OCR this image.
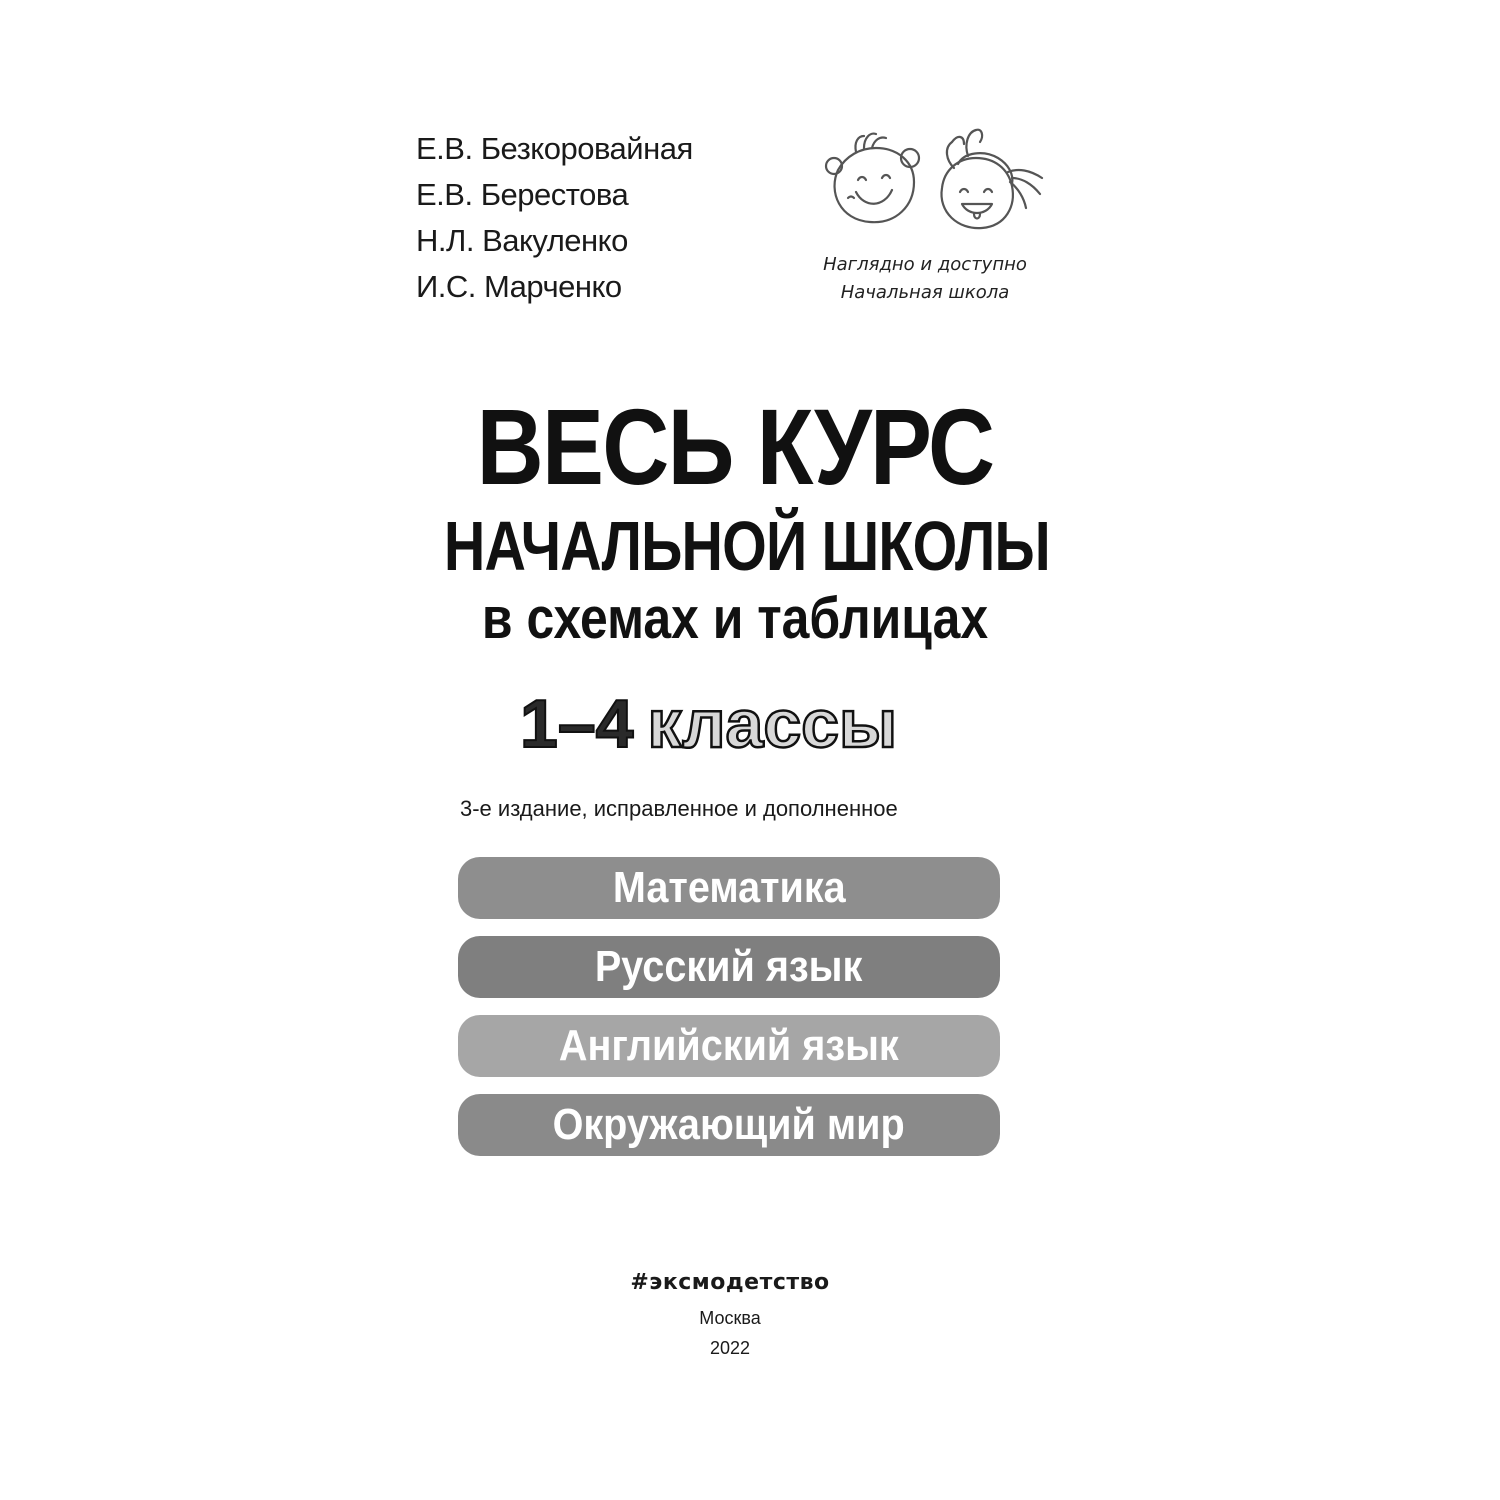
Е.В. Безкоровайная
Е.В. Берестова
Н.Л. Вакуленко
И.С. Марченко
Наглядно и доступно
Начальная школа
ВЕСЬ КУРС
НАЧАЛЬНОЙ ШКОЛЫ
в схемах и таблицах
1–4 классы
3-е издание, исправленное и дополненное
Математика
Русский язык
Английский язык
Окружающий мир
#эксмодетство
Москва
2022
